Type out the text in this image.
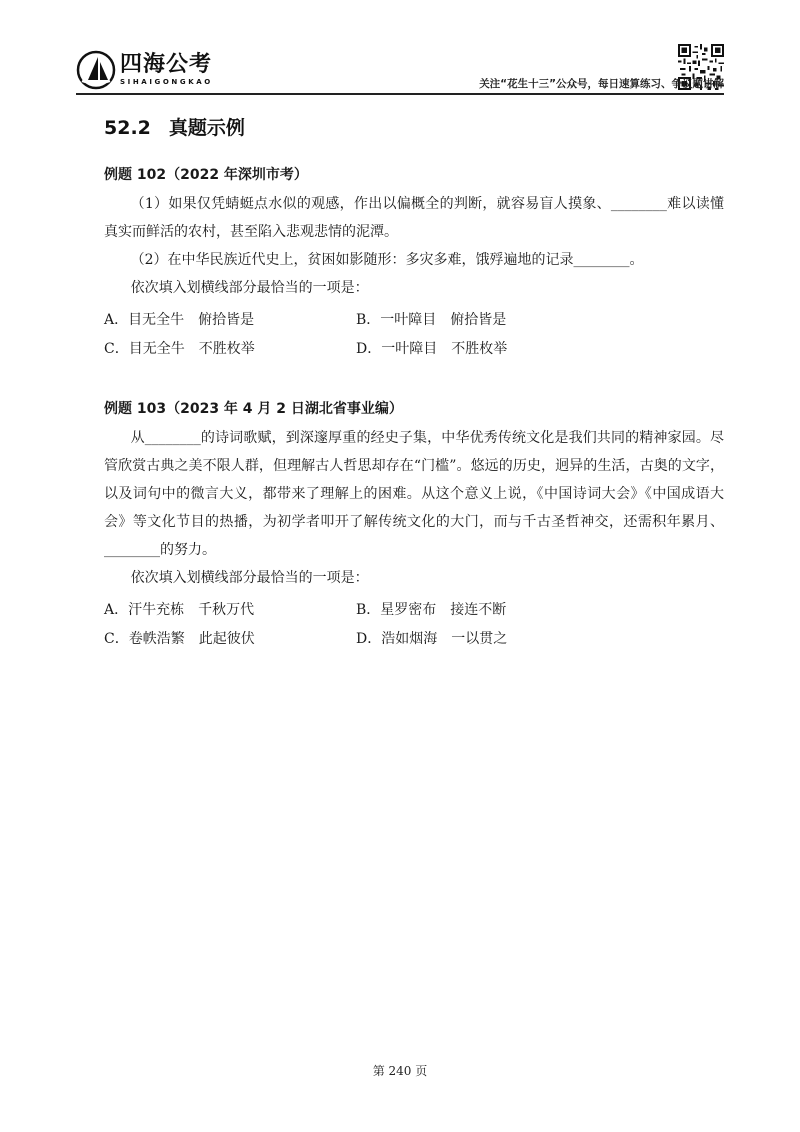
四海公考
SIHAIGONGKAO	关注“花生十三”公众号，每日速算练习、争议题讲解
52.2 真题示例
例题 102（2022 年深圳市考）
（1）如果仅凭蜻蜓点水似的观感，作出以偏概全的判断，就容易盲人摸象、________难以读懂真实而鲜活的农村，甚至陷入悲观悲情的泥潭。
（2）在中华民族近代史上，贫困如影随形：多灾多难，饿殍遍地的记录________。
依次填入划横线部分最恰当的一项是：
A．目无全牛　俯拾皆是	B．一叶障目　俯拾皆是
C．目无全牛　不胜枚举	D．一叶障目　不胜枚举
例题 103（2023 年 4 月 2 日湖北省事业编）
从________的诗词歌赋，到深邃厚重的经史子集，中华优秀传统文化是我们共同的精神家园。尽管欣赏古典之美不限人群，但理解古人哲思却存在“门槛”。悠远的历史，迥异的生活，古奥的文字，以及词句中的微言大义，都带来了理解上的困难。从这个意义上说，《中国诗词大会》《中国成语大会》等文化节目的热播，为初学者叩开了解传统文化的大门，而与千古圣哲神交，还需积年累月、________的努力。
依次填入划横线部分最恰当的一项是：
A．汗牛充栋　千秋万代	B．星罗密布　接连不断
C．卷帙浩繁　此起彼伏	D．浩如烟海　一以贯之
第 240 页
